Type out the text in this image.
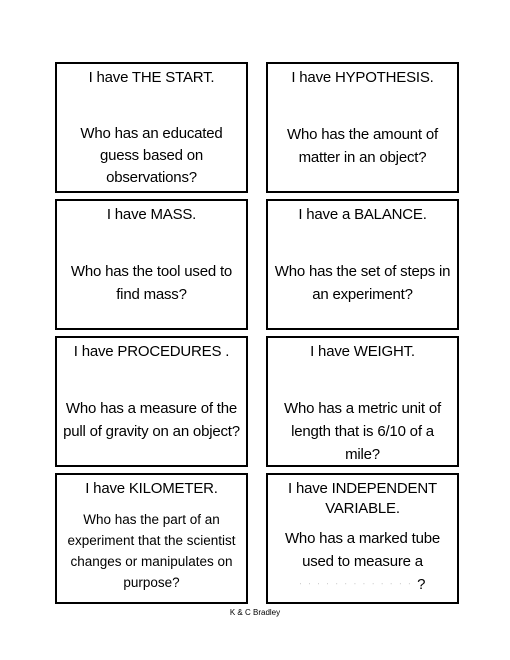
I have THE START.
Who has an educated guess based on observations?
I have HYPOTHESIS.
Who has the amount of matter in an object?
I have MASS.
Who has the tool used to find mass?
I have a BALANCE.
Who has the set of steps in an experiment?
I have PROCEDURES .
Who has a measure of the pull of gravity on an object?
I have WEIGHT.
Who has a metric unit of length that is 6/10 of a mile?
I have KILOMETER.
Who has the part of an experiment that the scientist changes or manipulates on purpose?
I have INDEPENDENT VARIABLE.
Who has a marked tube used to measure a
· · · · · · · · · · · · · ?
K & C Bradley
